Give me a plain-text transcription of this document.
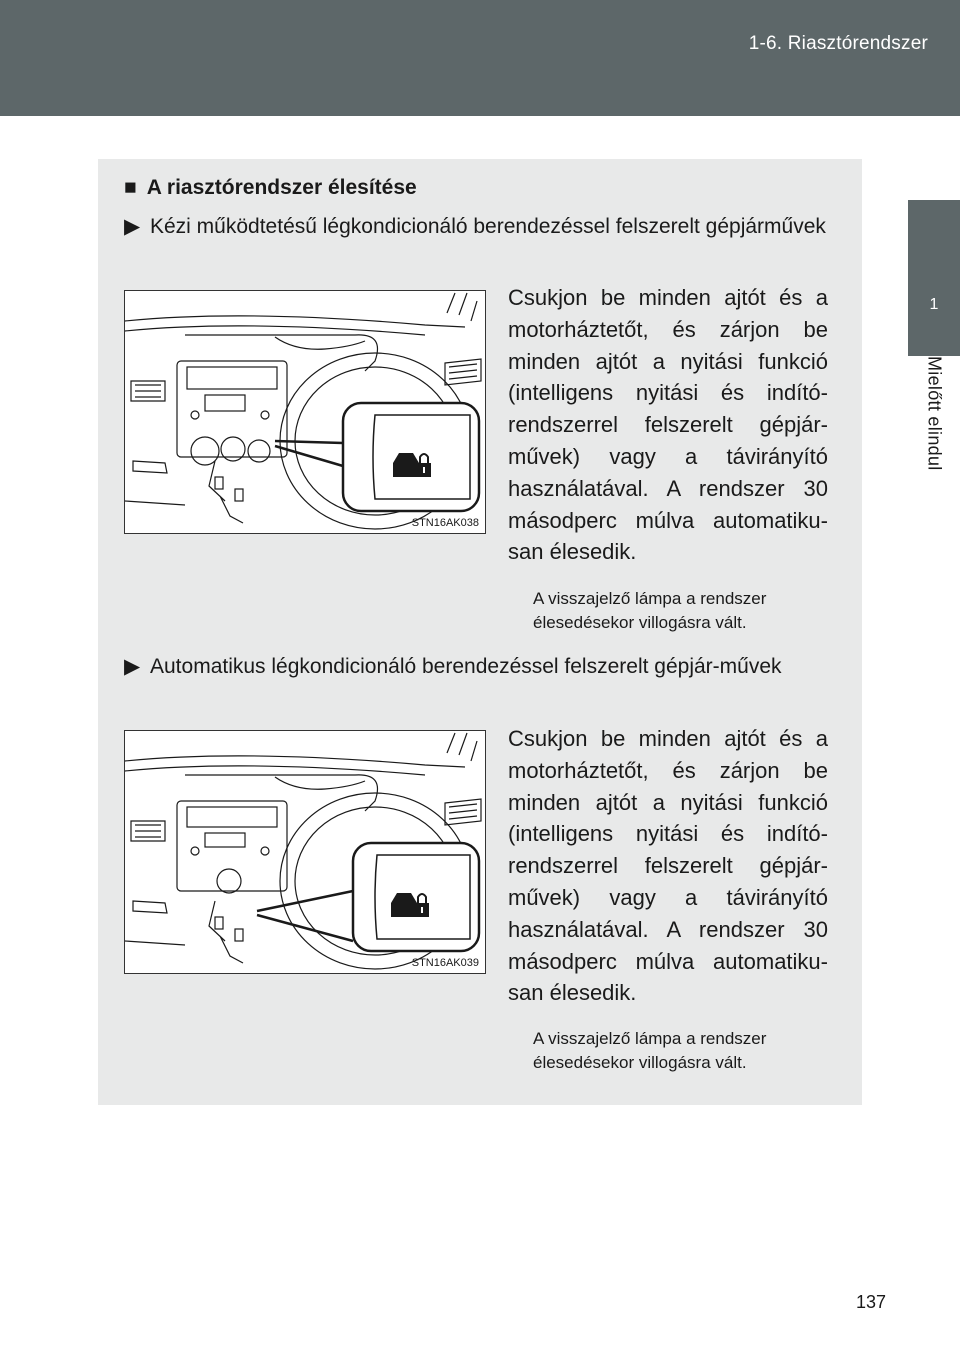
1-6. Riasztórendszer
1
Mielőtt elindul
■ A riasztórendszer élesítése
▶ Kézi működtetésű légkondicionáló berendezéssel felszerelt gépjárművek
STN16AK038
Csukjon be minden ajtót és a motorháztetőt, és zárjon be minden ajtót a nyitási funkció (intelligens nyitási és indító-rendszerrel felszerelt gépjár-művek) vagy a távirányító használatával. A rendszer 30 másodperc múlva automatiku-san élesedik.
A visszajelző lámpa a rendszer élesedésekor villogásra vált.
▶ Automatikus légkondicionáló berendezéssel felszerelt gépjár-művek
STN16AK039
Csukjon be minden ajtót és a motorháztetőt, és zárjon be minden ajtót a nyitási funkció (intelligens nyitási és indító-rendszerrel felszerelt gépjár-művek) vagy a távirányító használatával. A rendszer 30 másodperc múlva automatiku-san élesedik.
A visszajelző lámpa a rendszer élesedésekor villogásra vált.
137
